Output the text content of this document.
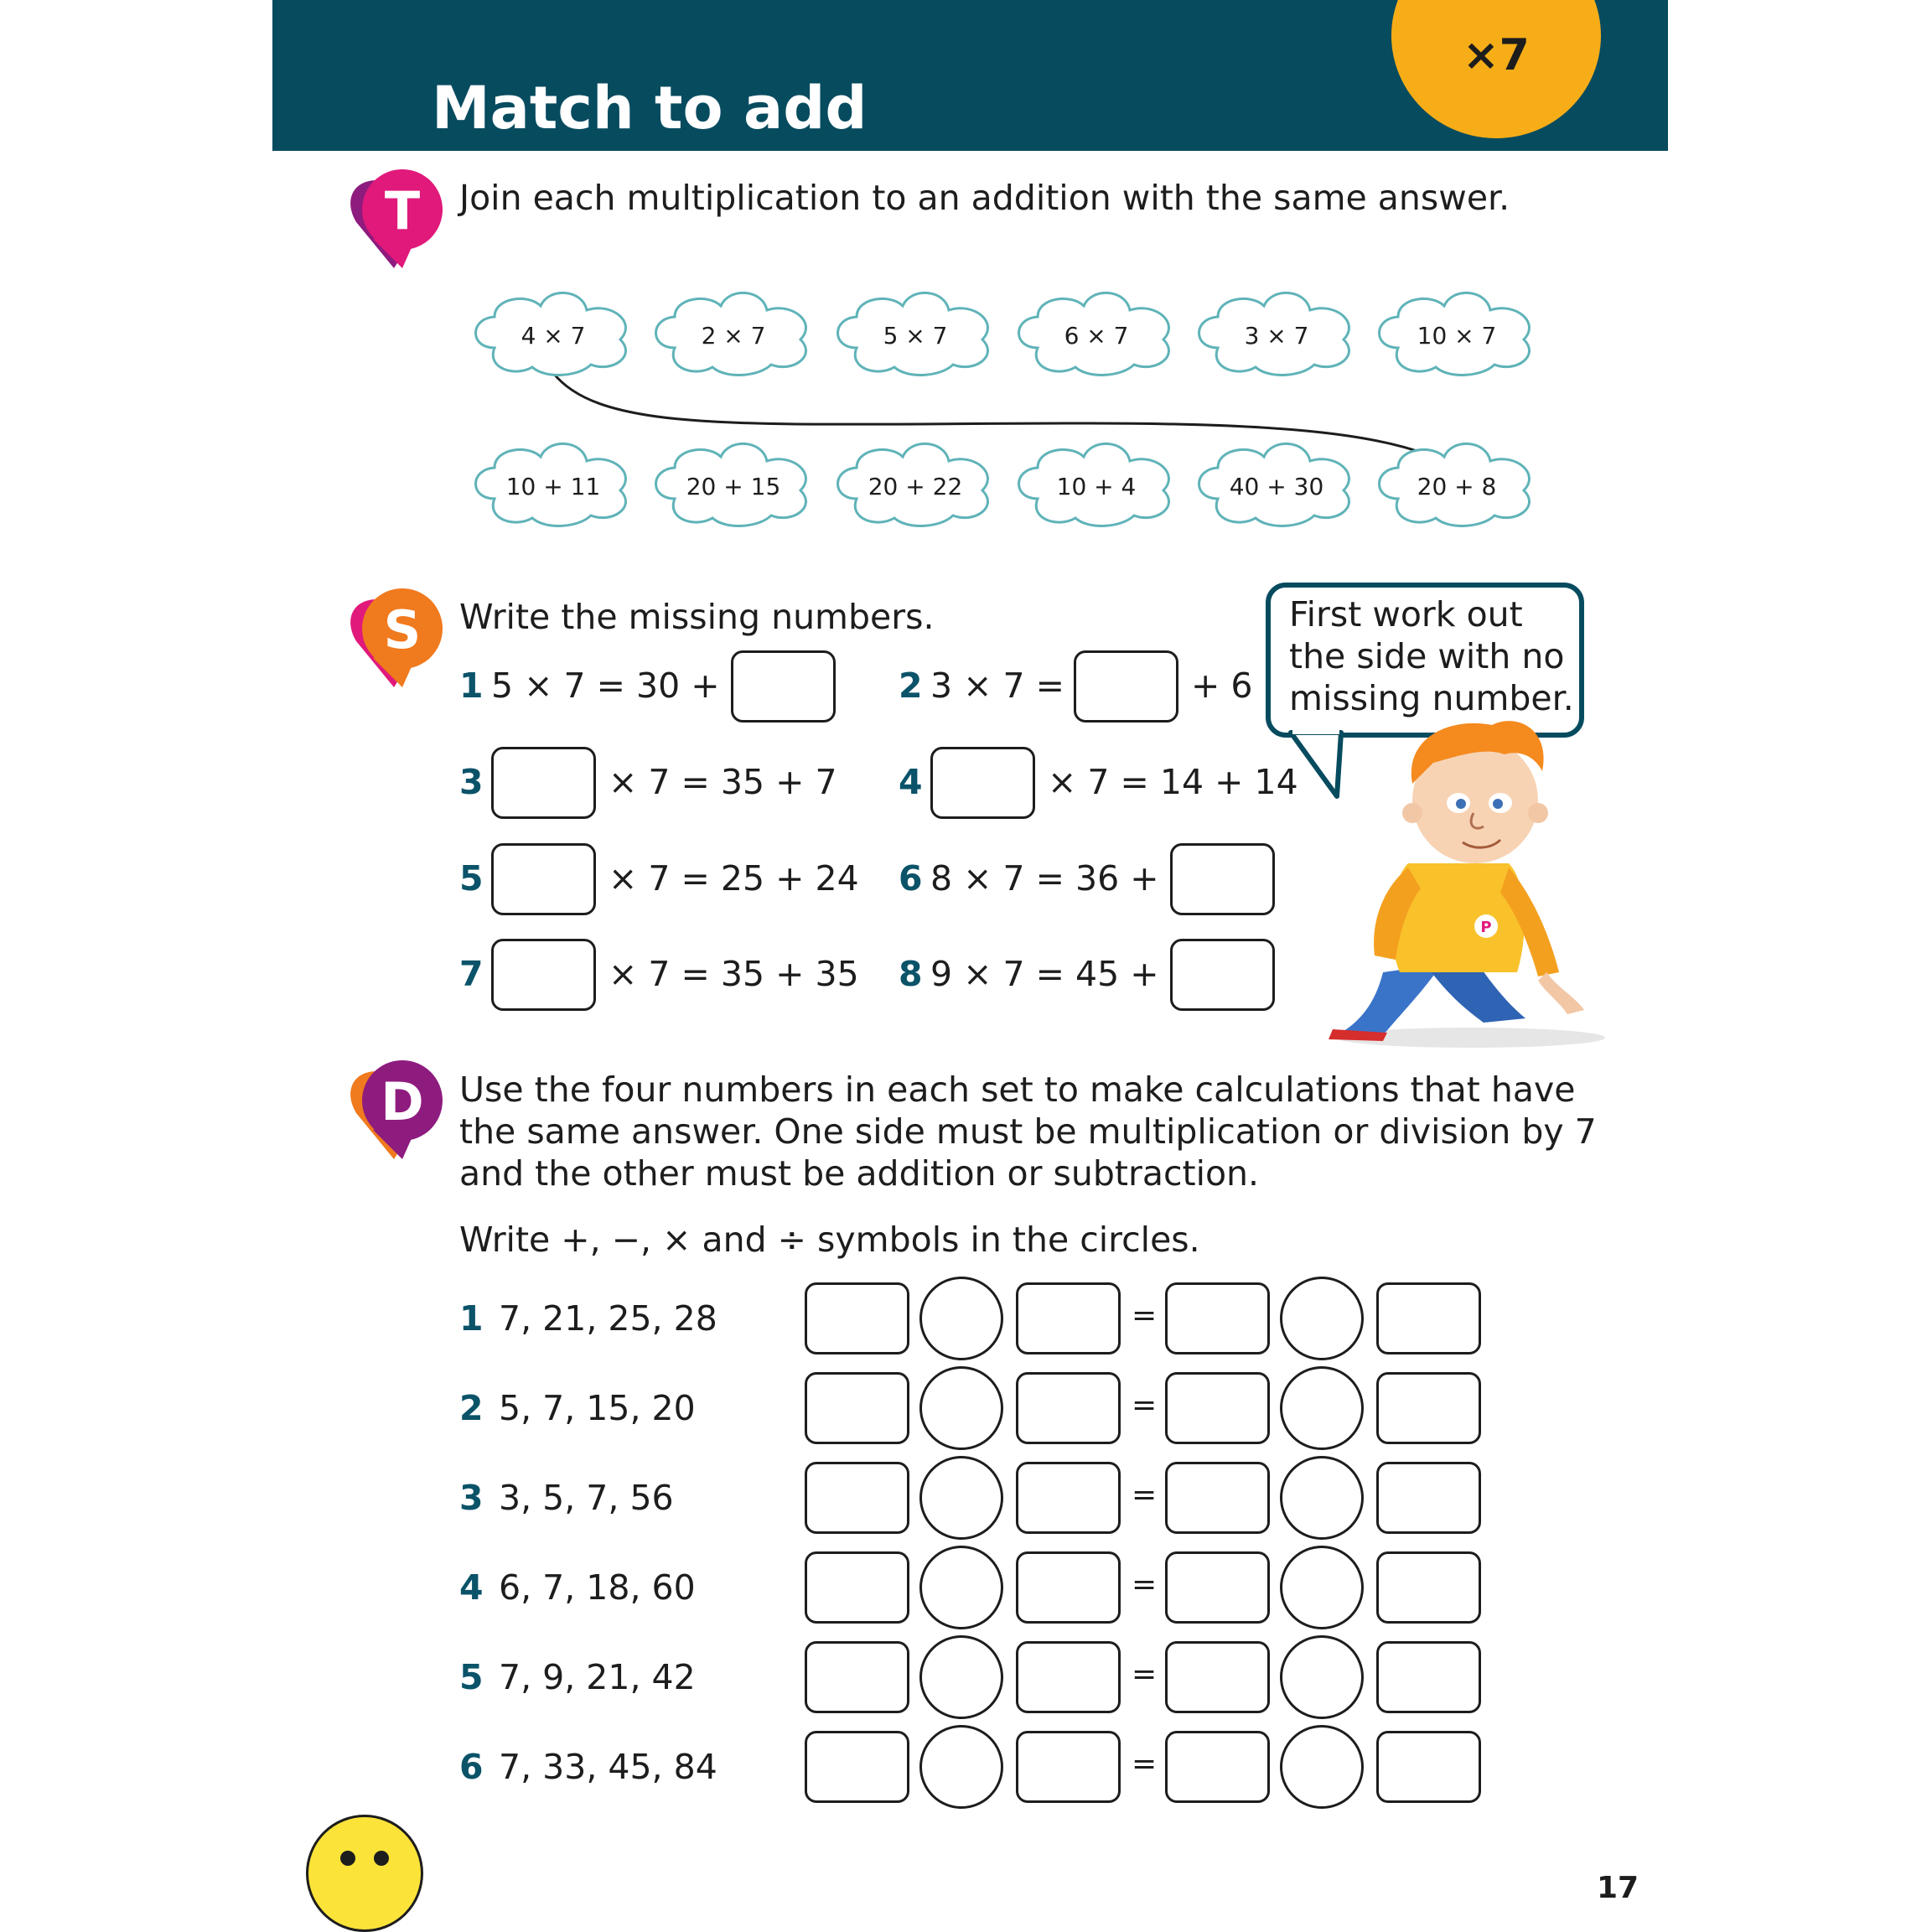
Match to add
×7
T
S
D
Join each multiplication to an addition with the same answer.
4 × 7	2 × 7	5 × 7	6 × 7	3 × 7	10 × 7
10 + 11	20 + 15	20 + 22	10 + 4	40 + 30	20 + 8
Write the missing numbers.
1 5 × 7 = 30 +	2 3 × 7 =	+ 6
3	× 7 = 35 + 7 4	× 7 = 14 + 14
5	× 7 = 25 + 24 6 8 × 7 = 36 +
7	× 7 = 35 + 35 8 9 × 7 = 45 +
First work out the side with no missing number.
P
Use the four numbers in each set to make calculations that have the same answer. One side must be multiplication or division by 7 and the other must be addition or subtraction.
Write +, −, × and ÷ symbols in the circles.
1 7, 21, 25, 28	=
2 5, 7, 15, 20	=
3 3, 5, 7, 56	=
4 6, 7, 18, 60	=
5 7, 9, 21, 42	=
6 7, 33, 45, 84	=
17
